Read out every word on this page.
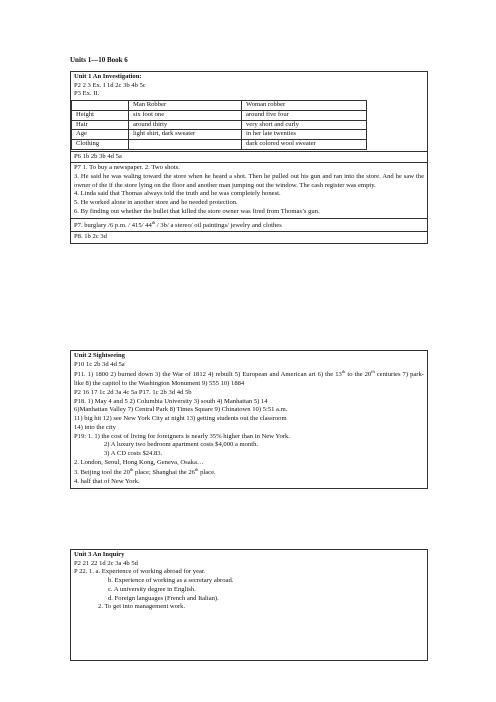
Units 1—10 Book 6
Unit 1 An Investigation:
P2 2 3 Ex. I 1d 2c 3b 4b 5c
P3 Ex. II.
	Man Robber	Woman robber
Height	six foot one	around five four
Hair	around thirty	very short and curly
Age	light shirt, dark sweater	in her late twenties
Clothing		dark colored wool sweater
P6 1b 2b 3b 4d 5a
P7 1. To buy a newspaper. 2. Two shots.
3. He said he was waling toward the store when he heard a shot. Then he pulled out his gun and ran into the store. And he saw the owner of the if the store lying on the floor and another man jumping out the window. The cash register was empty.
4. Linda said that Thomas always told the truth and he was completely honest.
5. He worked alone in another store and he needed protection.
6. By finding out whether the bullet that killed the store owner was fired from Thomas’s gun.
P7. burglary /6 p.m. / 415/ 44th / 3b/ a stereo/ oil paintings/ jewelry and clothes
P8. 1b 2c 3d
Unit 2 Sightseeing
P10 1c 2b 3d 4d 5a
P11. 1) 1800 2) burned down 3) the War of 1812 4) rebuilt 5) European and American art 6) the 13th to the 20th centuries 7) park-like 8) the capitol to the Washington Monument 9) 555 10) 1884
P2 16 17 1c 2d 3a 4c 5a P17. 1c 2b 3d 4d 5b
P18. 1) May 4 and 5 2) Columbia University 3) south 4) Manhattan 5) 14
6)Manhattan Valley 7) Central Park 8) Times Square 9) Chinatown 10) 5:51 a.m.
11) big hit 12) see New York City at night 13) getting students out the classroom
14) into the city
P19: 1. 1) the cost of living for foreigners is nearly 35% higher than in New York.
2) A luxury two bedroom apartment costs $4,000 a month.
3) A CD costs $24.83.
2. London, Seoul, Hong Kong, Geneva, Osaka…
3. Beijing tool the 20th place; Shanghai the 26th place.
4. half that of New York.
Unit 3 An Inquiry
P2 21 22 1d 2c 3a 4b 5d
P 22. 1. a. Experience of working abroad for year.
b. Experience of working as a secretary abroad.
c. A university degree in English.
d. Foreign languages (French and Italian).
2. To get into management work.
